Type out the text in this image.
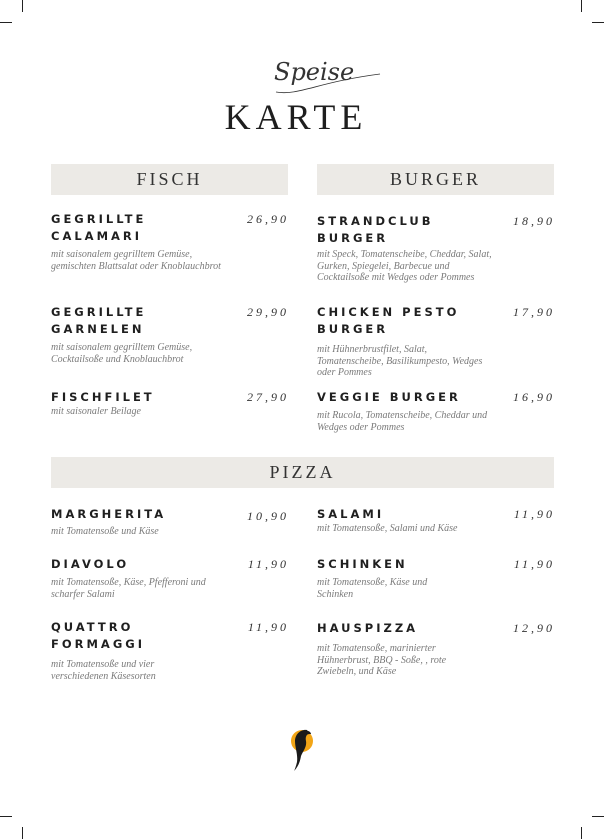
Speise
KARTE
FISCH
GEGRILLTE CALAMARI
26,90
mit saisonalem gegrilltem Gemüse, gemischten Blattsalat oder Knoblauchbrot
GEGRILLTE GARNELEN
29,90
mit saisonalem gegrilltem Gemüse, Cocktailsoße und Knoblauchbrot
FISCHFILET	27,90
mit saisonaler Beilage
BURGER
STRANDCLUB BURGER
18,90
mit Speck, Tomatenscheibe, Cheddar, Salat, Gurken, Spiegelei, Barbecue und Cocktailsoße mit Wedges oder Pommes
CHICKEN PESTO BURGER
17,90
mit Hühnerbrustfilet, Salat, Tomatenscheibe, Basilikumpesto, Wedges oder Pommes
VEGGIE BURGER	16,90
mit Rucola, Tomatenscheibe, Cheddar und Wedges oder Pommes
PIZZA
MARGHERITA	10,90
mit Tomatensoße und Käse
DIAVOLO	11,90
mit Tomatensoße, Käse, Pfefferoni und scharfer Salami
QUATTRO FORMAGGI
11,90
mit Tomatensoße und vier verschiedenen Käsesorten
SALAMI	11,90
mit Tomatensoße, Salami und Käse
SCHINKEN	11,90
mit Tomatensoße, Käse und Schinken
HAUSPIZZA	12,90
mit Tomatensoße, marinierter Hühnerbrust, BBQ - Soße, , rote Zwiebeln, und Käse
